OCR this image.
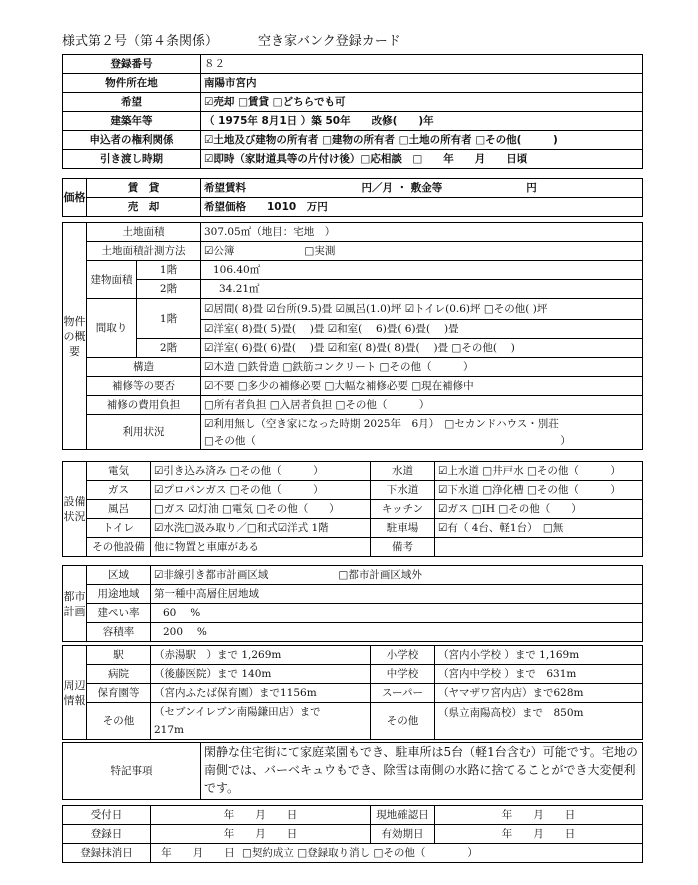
様式第２号（第４条関係）	空き家バンク登録カード
登録番号	８２
物件所在地	南陽市宮内
希望	☑売却 □賃貸 □どちらでも可
建築年等	（ 1975年 8月1日 ）築 50年　　改修(　　)年
申込者の権利関係	☑土地及び建物の所有者 □建物の所有者 □土地の所有者 □その他(　　　)
引き渡し時期	☑即時（家財道具等の片付け後）□応相談　□　　年　　月　　日頃
価格	賃　貸	希望賃料　　　　　　　　　　　円／月 ・ 敷金等　　　　　　　　円
	売　却	希望価格　　1010　万円
物件の概要	土地面積		307.05㎡（地目：宅地　）
	土地面積計測方法		☑公簿 □実測
	建物面積	1階	106.40㎡
		2階	34.21㎡
	間取り	1階	☑居間( 8)畳 ☑台所(9.5)畳 ☑風呂(1.0)坪 ☑トイレ(0.6)坪 □その他( )坪
			☑洋室( 8)畳( 5)畳(　 )畳 ☑和室(　 6)畳( 6)畳(　 )畳
		2階	☑洋室( 6)畳( 6)畳(　 )畳 ☑和室( 8)畳( 8)畳(　 )畳 □その他(　 )
	構造		☑木造 □鉄骨造 □鉄筋コンクリート □その他（　　　）
	補修等の要否		☑不要 □多少の補修必要 □大幅な補修必要 □現在補修中
	補修の費用負担		□所有者負担 □入居者負担 □その他（　　　）
	利用状況		☑利用無し（空き家になった時期 2025年　6月）　□セカンドハウス・別荘
			□その他（　　　　　　　　　　　　　　　　　　　　　　　　　　　　　）
設備状況	電気	☑引き込み済み □その他（　　　）	水道	☑上水道 □井戸水 □その他（　　　）
	ガス	☑プロパンガス □その他（　　　）	下水道	☑下水道 □浄化槽 □その他（　　　）
	風呂	□ガス ☑灯油 □電気 □その他（　　）	キッチン	☑ガス □IH □その他（　　）
	トイレ	☑水洗□汲み取り／□和式☑洋式 1階	駐車場	☑有（ 4台、軽1台）　□無
	その他設備	他に物置と車庫がある	備考	
都市計画	区域	☑非線引き都市計画区域 □都市計画区域外
	用途地域	第一種中高層住居地域
	建ぺい率	60　 %
	容積率	200　 %
周辺情報	駅	（赤湯駅　）まで 1,269m	小学校	（宮内小学校 ）まで 1,169m
	病院	（後藤医院）まで 140m	中学校	（宮内中学校 ）まで　631m
	保育園等	（宮内ふたば保育園）まで1156m	スーパー	（ヤマザワ宮内店）まで628m
	その他	（セブンイレブン南陽鎌田店）まで	その他	（県立南陽高校）まで　850m
		217m		
特記事項	閑静な住宅街にて家庭菜園もでき、駐車所は5台（軽1台含む）可能です。宅地の南側では、バーベキュウもでき、除雪は南側の水路に捨てることができ大変便利です。
受付日	年　　月　　日	現地確認日	年　　月　　日
登録日	年　　月　　日	有効期日	年　　月　　日
登録抹消日	年　　月　　日 □契約成立 □登録取り消し □その他（　　　　）		
